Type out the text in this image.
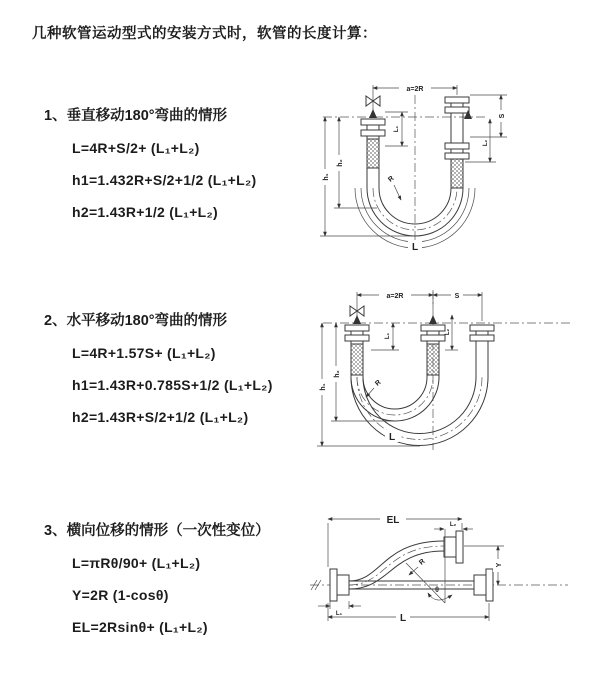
几种软管运动型式的安装方式时，软管的长度计算：
1、垂直移动180°弯曲的情形
L=4R+S/2+ (L₁+L₂)
h1=1.432R+S/2+1/2 (L₁+L₂)
h2=1.43R+1/2 (L₁+L₂)
2、水平移动180°弯曲的情形
L=4R+1.57S+ (L₁+L₂)
h1=1.43R+0.785S+1/2 (L₁+L₂)
h2=1.43R+S/2+1/2 (L₁+L₂)
3、横向位移的情形（一次性变位）
L=πRθ/90+ (L₁+L₂)
Y=2R (1-cosθ)
EL=2Rsinθ+ (L₁+L₂)
a=2R
h₁
h₂
L₁
S
L₂
R
L
a=2R	S
h₁
h₂
L₁
L₂
R
L
θ
R
EL	L₂
Y
L₁	L
